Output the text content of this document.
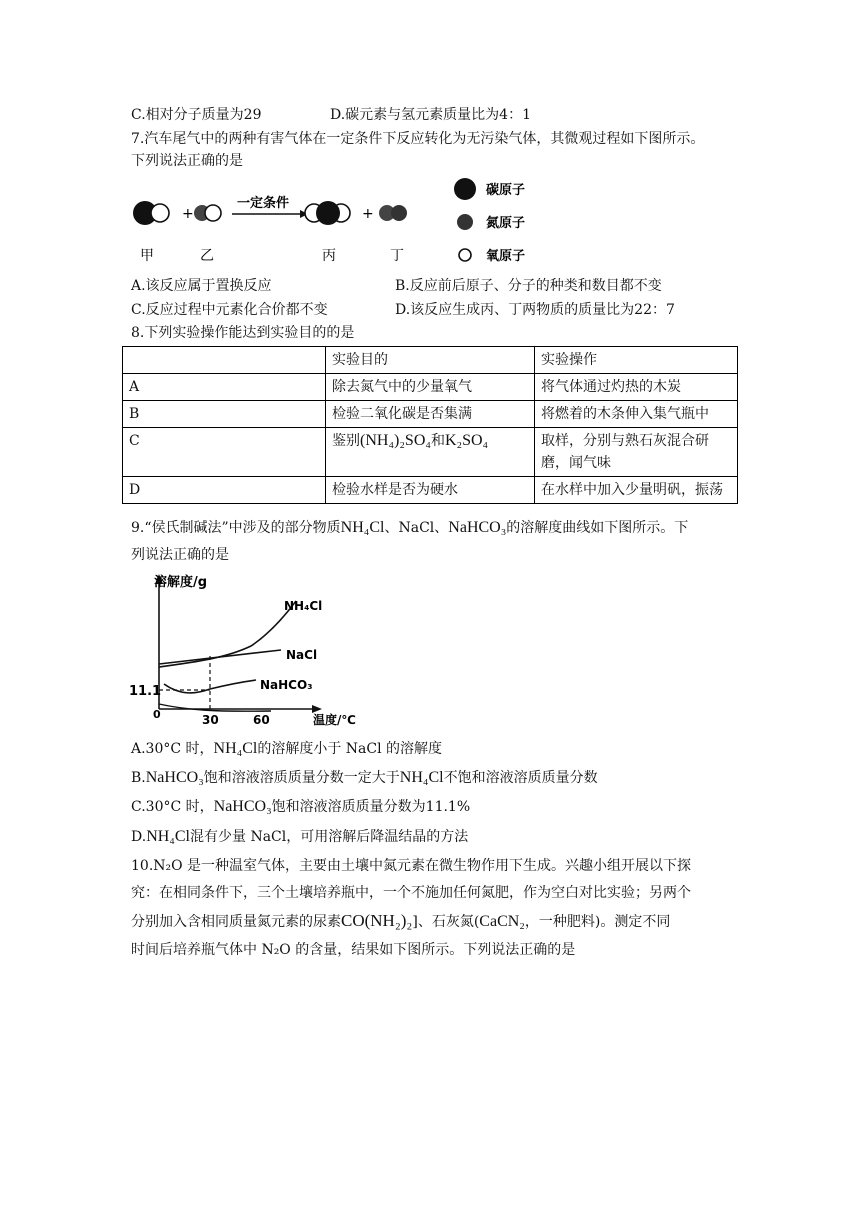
C.相对分子质量为29	D.碳元素与氢元素质量比为4：1
7.汽车尾气中的两种有害气体在一定条件下反应转化为无污染气体，其微观过程如下图所示。
下列说法正确的是
+
一定条件
+
甲	乙	丙	丁
碳原子
氮原子
氧原子
A.该反应属于置换反应	B.反应前后原子、分子的种类和数目都不变
C.反应过程中元素化合价都不变	D.该反应生成丙、丁两物质的质量比为22：7
8.下列实验操作能达到实验目的的是
	实验目的	实验操作
A	除去氮气中的少量氧气	将气体通过灼热的木炭
B	检验二氧化碳是否集满	将燃着的木条伸入集气瓶中
C	鉴别(NH₄)₂SO₄和K₂SO₄	取样，分别与熟石灰混合研磨，闻气味
D	检验水样是否为硬水	在水样中加入少量明矾，振荡
9.“侯氏制碱法”中涉及的部分物质NH₄Cl、NaCl、NaHCO₃的溶解度曲线如下图所示。下
列说法正确的是
溶解度/g
温度/℃
0	30	60
11.1
NH₄Cl
NaCl
NaHCO₃
A.30°C 时，NH₄Cl的溶解度小于 NaCl 的溶解度
B.NaHCO₃饱和溶液溶质质量分数一定大于NH₄Cl不饱和溶液溶质质量分数
C.30°C 时，NaHCO₃饱和溶液溶质质量分数为11.1%
D.NH₄Cl混有少量 NaCl，可用溶解后降温结晶的方法
10.N₂O 是一种温室气体，主要由土壤中氮元素在微生物作用下生成。兴趣小组开展以下探
究：在相同条件下，三个土壤培养瓶中，一个不施加任何氮肥，作为空白对比实验；另两个
分别加入含相同质量氮元素的尿素CO(NH₂)₂]、石灰氮(CaCN₂，一种肥料)。测定不同
时间后培养瓶气体中 N₂O 的含量，结果如下图所示。下列说法正确的是
